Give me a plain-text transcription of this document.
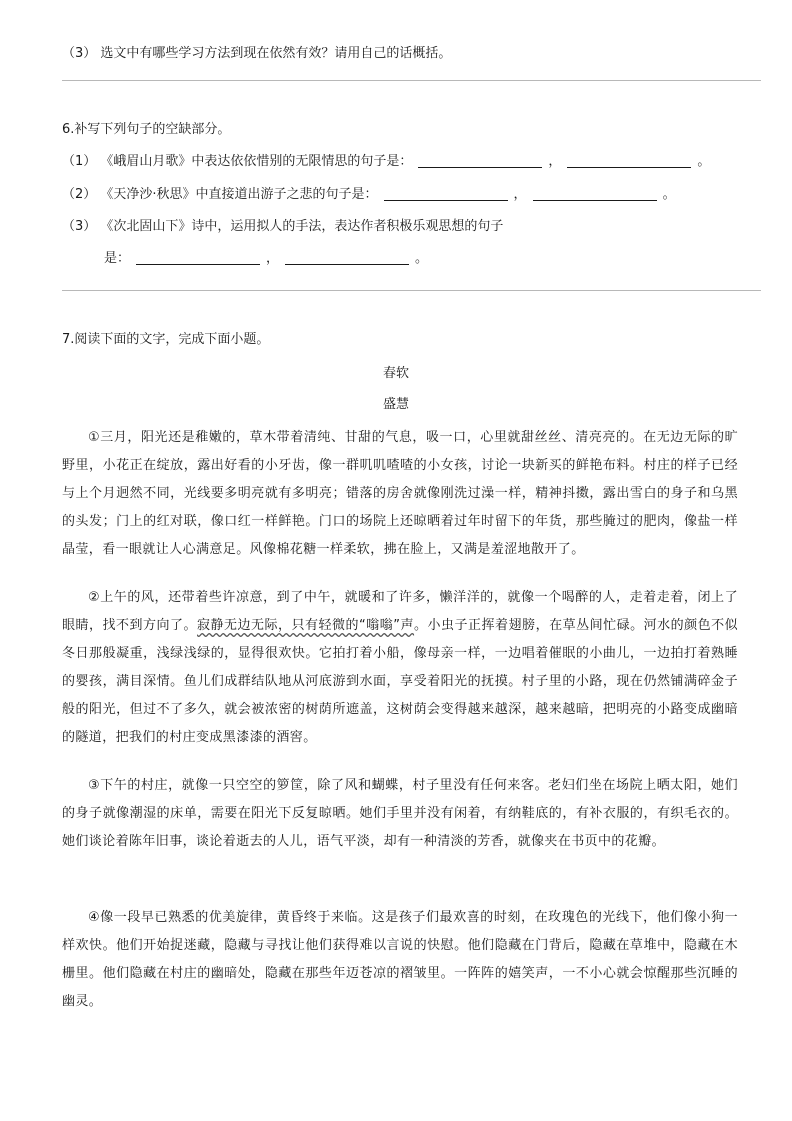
（3） 选文中有哪些学习方法到现在依然有效？请用自己的话概括。
6.补写下列句子的空缺部分。
（1） 《峨眉山月歌》中表达依依惜别的无限情思的句子是：	，	。
（2） 《天净沙·秋思》中直接道出游子之悲的句子是：	，	。
（3） 《次北固山下》诗中，运用拟人的手法，表达作者积极乐观思想的句子
是：	，	。
7.阅读下面的文字，完成下面小题。
春软
盛慧
①三月，阳光还是稚嫩的，草木带着清纯、甘甜的气息，吸一口，心里就甜丝丝、清亮亮的。在无边无际的旷野里，小花正在绽放，露出好看的小牙齿，像一群叽叽喳喳的小女孩，讨论一块新买的鲜艳布料。村庄的样子已经与上个月迥然不同，光线要多明亮就有多明亮；错落的房舍就像刚洗过澡一样，精神抖擞，露出雪白的身子和乌黑的头发；门上的红对联，像口红一样鲜艳。门口的场院上还晾晒着过年时留下的年货，那些腌过的肥肉，像盐一样晶莹，看一眼就让人心满意足。风像棉花糖一样柔软，拂在脸上，又满是羞涩地散开了。
②上午的风，还带着些许凉意，到了中午，就暖和了许多，懒洋洋的，就像一个喝醉的人，走着走着，闭上了眼睛，找不到方向了。寂静无边无际，只有轻微的“嗡嗡”声。小虫子正挥着翅膀，在草丛间忙碌。河水的颜色不似冬日那般凝重，浅绿浅绿的，显得很欢快。它拍打着小船，像母亲一样，一边唱着催眠的小曲儿，一边拍打着熟睡的婴孩，满目深情。鱼儿们成群结队地从河底游到水面，享受着阳光的抚摸。村子里的小路，现在仍然铺满碎金子般的阳光，但过不了多久，就会被浓密的树荫所遮盖，这树荫会变得越来越深，越来越暗，把明亮的小路变成幽暗的隧道，把我们的村庄变成黑漆漆的酒窖。
③下午的村庄，就像一只空空的箩筐，除了风和蝴蝶，村子里没有任何来客。老妇们坐在场院上晒太阳，她们的身子就像潮湿的床单，需要在阳光下反复晾晒。她们手里并没有闲着，有纳鞋底的，有补衣服的，有织毛衣的。她们谈论着陈年旧事，谈论着逝去的人儿，语气平淡，却有一种清淡的芳香，就像夹在书页中的花瓣。
④像一段早已熟悉的优美旋律，黄昏终于来临。这是孩子们最欢喜的时刻，在玫瑰色的光线下，他们像小狗一样欢快。他们开始捉迷藏，隐藏与寻找让他们获得难以言说的快慰。他们隐藏在门背后，隐藏在草堆中，隐藏在木栅里。他们隐藏在村庄的幽暗处，隐藏在那些年迈苍凉的褶皱里。一阵阵的嬉笑声，一不小心就会惊醒那些沉睡的幽灵。
